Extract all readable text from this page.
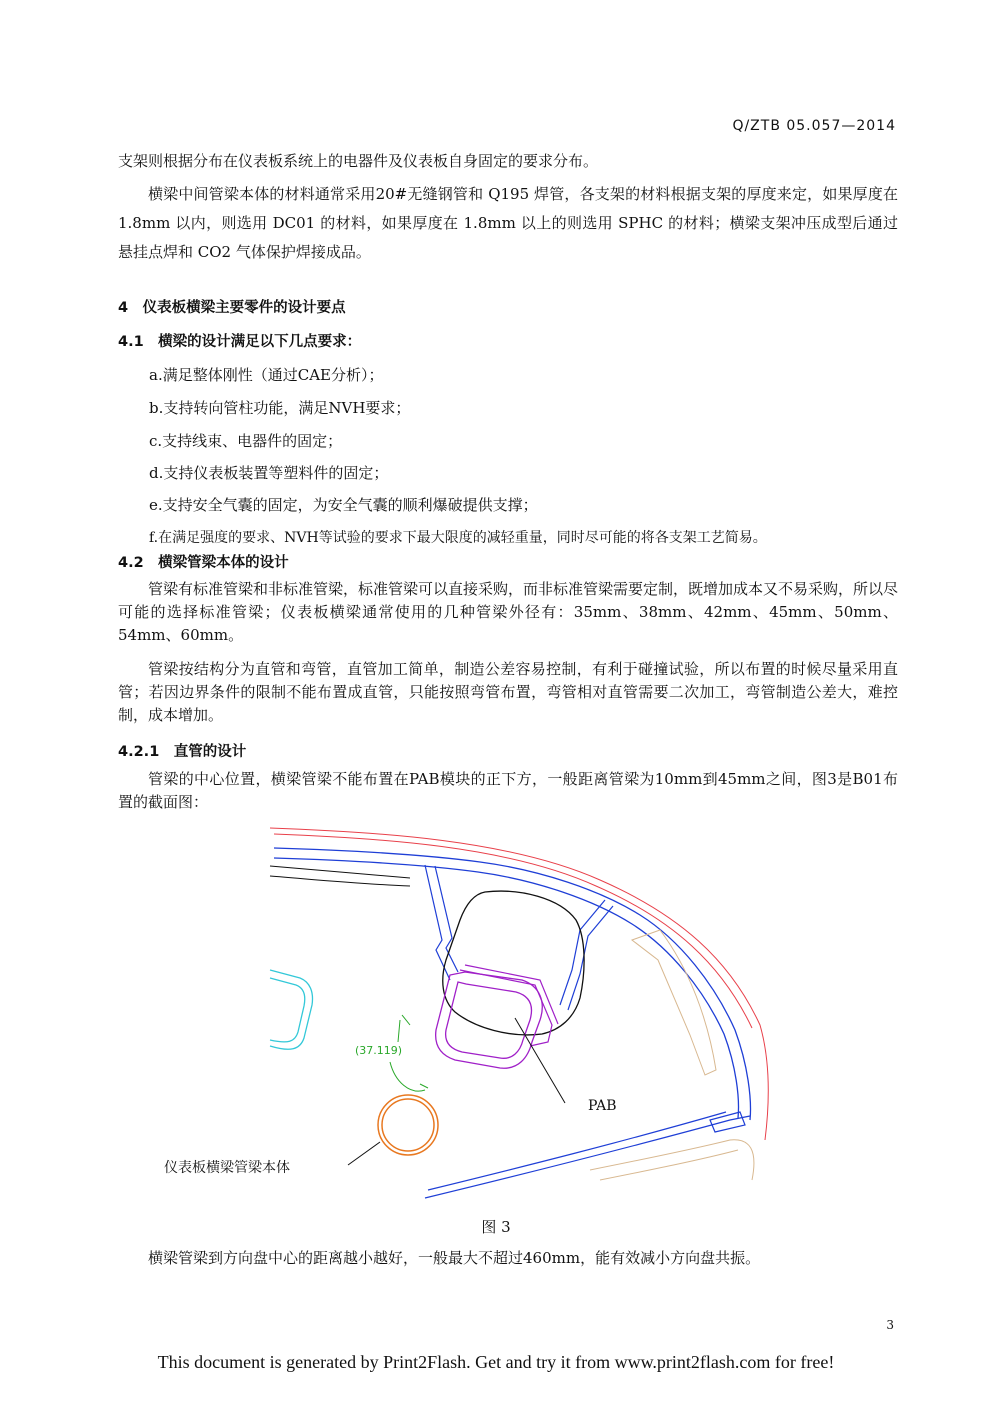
Q/ZTB 05.057—2014

支架则根据分布在仪表板系统上的电器件及仪表板自身固定的要求分布。

横梁中间管梁本体的材料通常采用20#无缝钢管和 Q195 焊管，各支架的材料根据支架的厚度来定，如果厚度在 1.8mm 以内，则选用 DC01 的材料，如果厚度在 1.8mm 以上的则选用 SPHC 的材料；横梁支架冲压成型后通过悬挂点焊和 CO2 气体保护焊接成品。

4　仪表板横梁主要零件的设计要点
4.1　横梁的设计满足以下几点要求：

a.满足整体刚性（通过CAE分析）；

b.支持转向管柱功能，满足NVH要求；

c.支持线束、电器件的固定；

d.支持仪表板装置等塑料件的固定；

e.支持安全气囊的固定，为安全气囊的顺利爆破提供支撑；

f.在满足强度的要求、NVH等试验的要求下最大限度的减轻重量，同时尽可能的将各支架工艺简易。

4.2　横梁管梁本体的设计

管梁有标准管梁和非标准管梁，标准管梁可以直接采购，而非标准管梁需要定制，既增加成本又不易采购，所以尽可能的选择标准管梁；仪表板横梁通常使用的几种管梁外径有：35mm、38mm、42mm、45mm、50mm、54mm、60mm。

管梁按结构分为直管和弯管，直管加工简单，制造公差容易控制，有利于碰撞试验，所以布置的时候尽量采用直管；若因边界条件的限制不能布置成直管，只能按照弯管布置，弯管相对直管需要二次加工，弯管制造公差大，难控制，成本增加。

4.2.1　直管的设计

管梁的中心位置，横梁管梁不能布置在PAB模块的正下方，一般距离管梁为10mm到45mm之间，图3是B01布置的截面图：

(37.119)
PAB
仪表板横梁管梁本体
图 3

横梁管梁到方向盘中心的距离越小越好，一般最大不超过460mm，能有效减小方向盘共振。

3
This document is generated by Print2Flash. Get and try it from www.print2flash.com for free!
